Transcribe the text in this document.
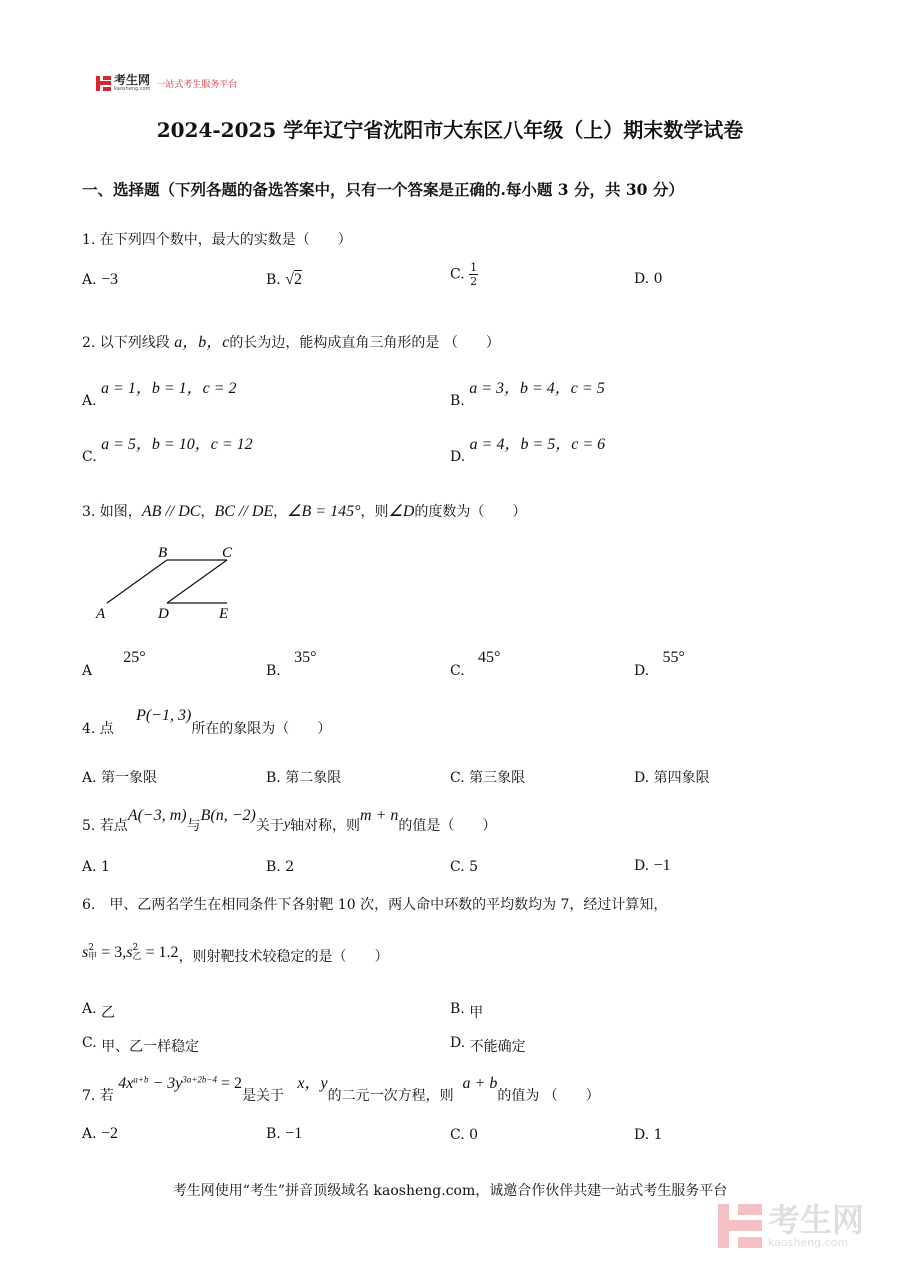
考生网
kaosheng.com 一站式考生服务平台
2024-2025 学年辽宁省沈阳市大东区八年级（上）期末数学试卷
一、选择题（下列各题的备选答案中，只有一个答案是正确的.每小题 3 分，共 30 分）
1. 在下列四个数中，最大的实数是（　　）
A. −3	B. √2	C. $\frac{1}{2}$	D. 0
2. 以下列线段 a，b，c的长为边，能构成直角三角形的是 （　　）
A. a = 1，b = 1，c = 2
B. a = 3，b = 4，c = 5
C. a = 5，b = 10，c = 12
D. a = 4，b = 5，c = 6
3. 如图，AB // DC，BC // DE，∠B = 145°，则∠D的度数为（　　）
B	C
A	D	E
A       25°
B.   35°
C.   45°
D.   55°
4. 点     P(−1, 3)所在的象限为（　　）
A. 第一象限	B. 第二象限	C. 第三象限	D. 第四象限
5. 若点A(−3, m)与B(n, −2)关于y轴对称，则m + n的值是（　　）
A. 1	B. 2	C. 5	D. −1
6.　甲、乙两名学生在相同条件下各射靶 10 次，两人命中环数的平均数均为 7，经过计算知，
s 2
甲 = 3,s 2
乙 = 1.2，则射靶技术较稳定的是（　　）
A. 乙	B. 甲
C. 甲、乙一样稳定	D. 不能确定
7. 若 $4x^{a+b} - 3y^{3a+2b-4} = 2$是关于   x，y的二元一次方程，则  a + b的值为 （　　）
A. −2	B. −1	C. 0	D. 1
考生网使用“考生”拼音顶级域名 kaosheng.com，诚邀合作伙伴共建一站式考生服务平台
考生网
kaosheng.com
